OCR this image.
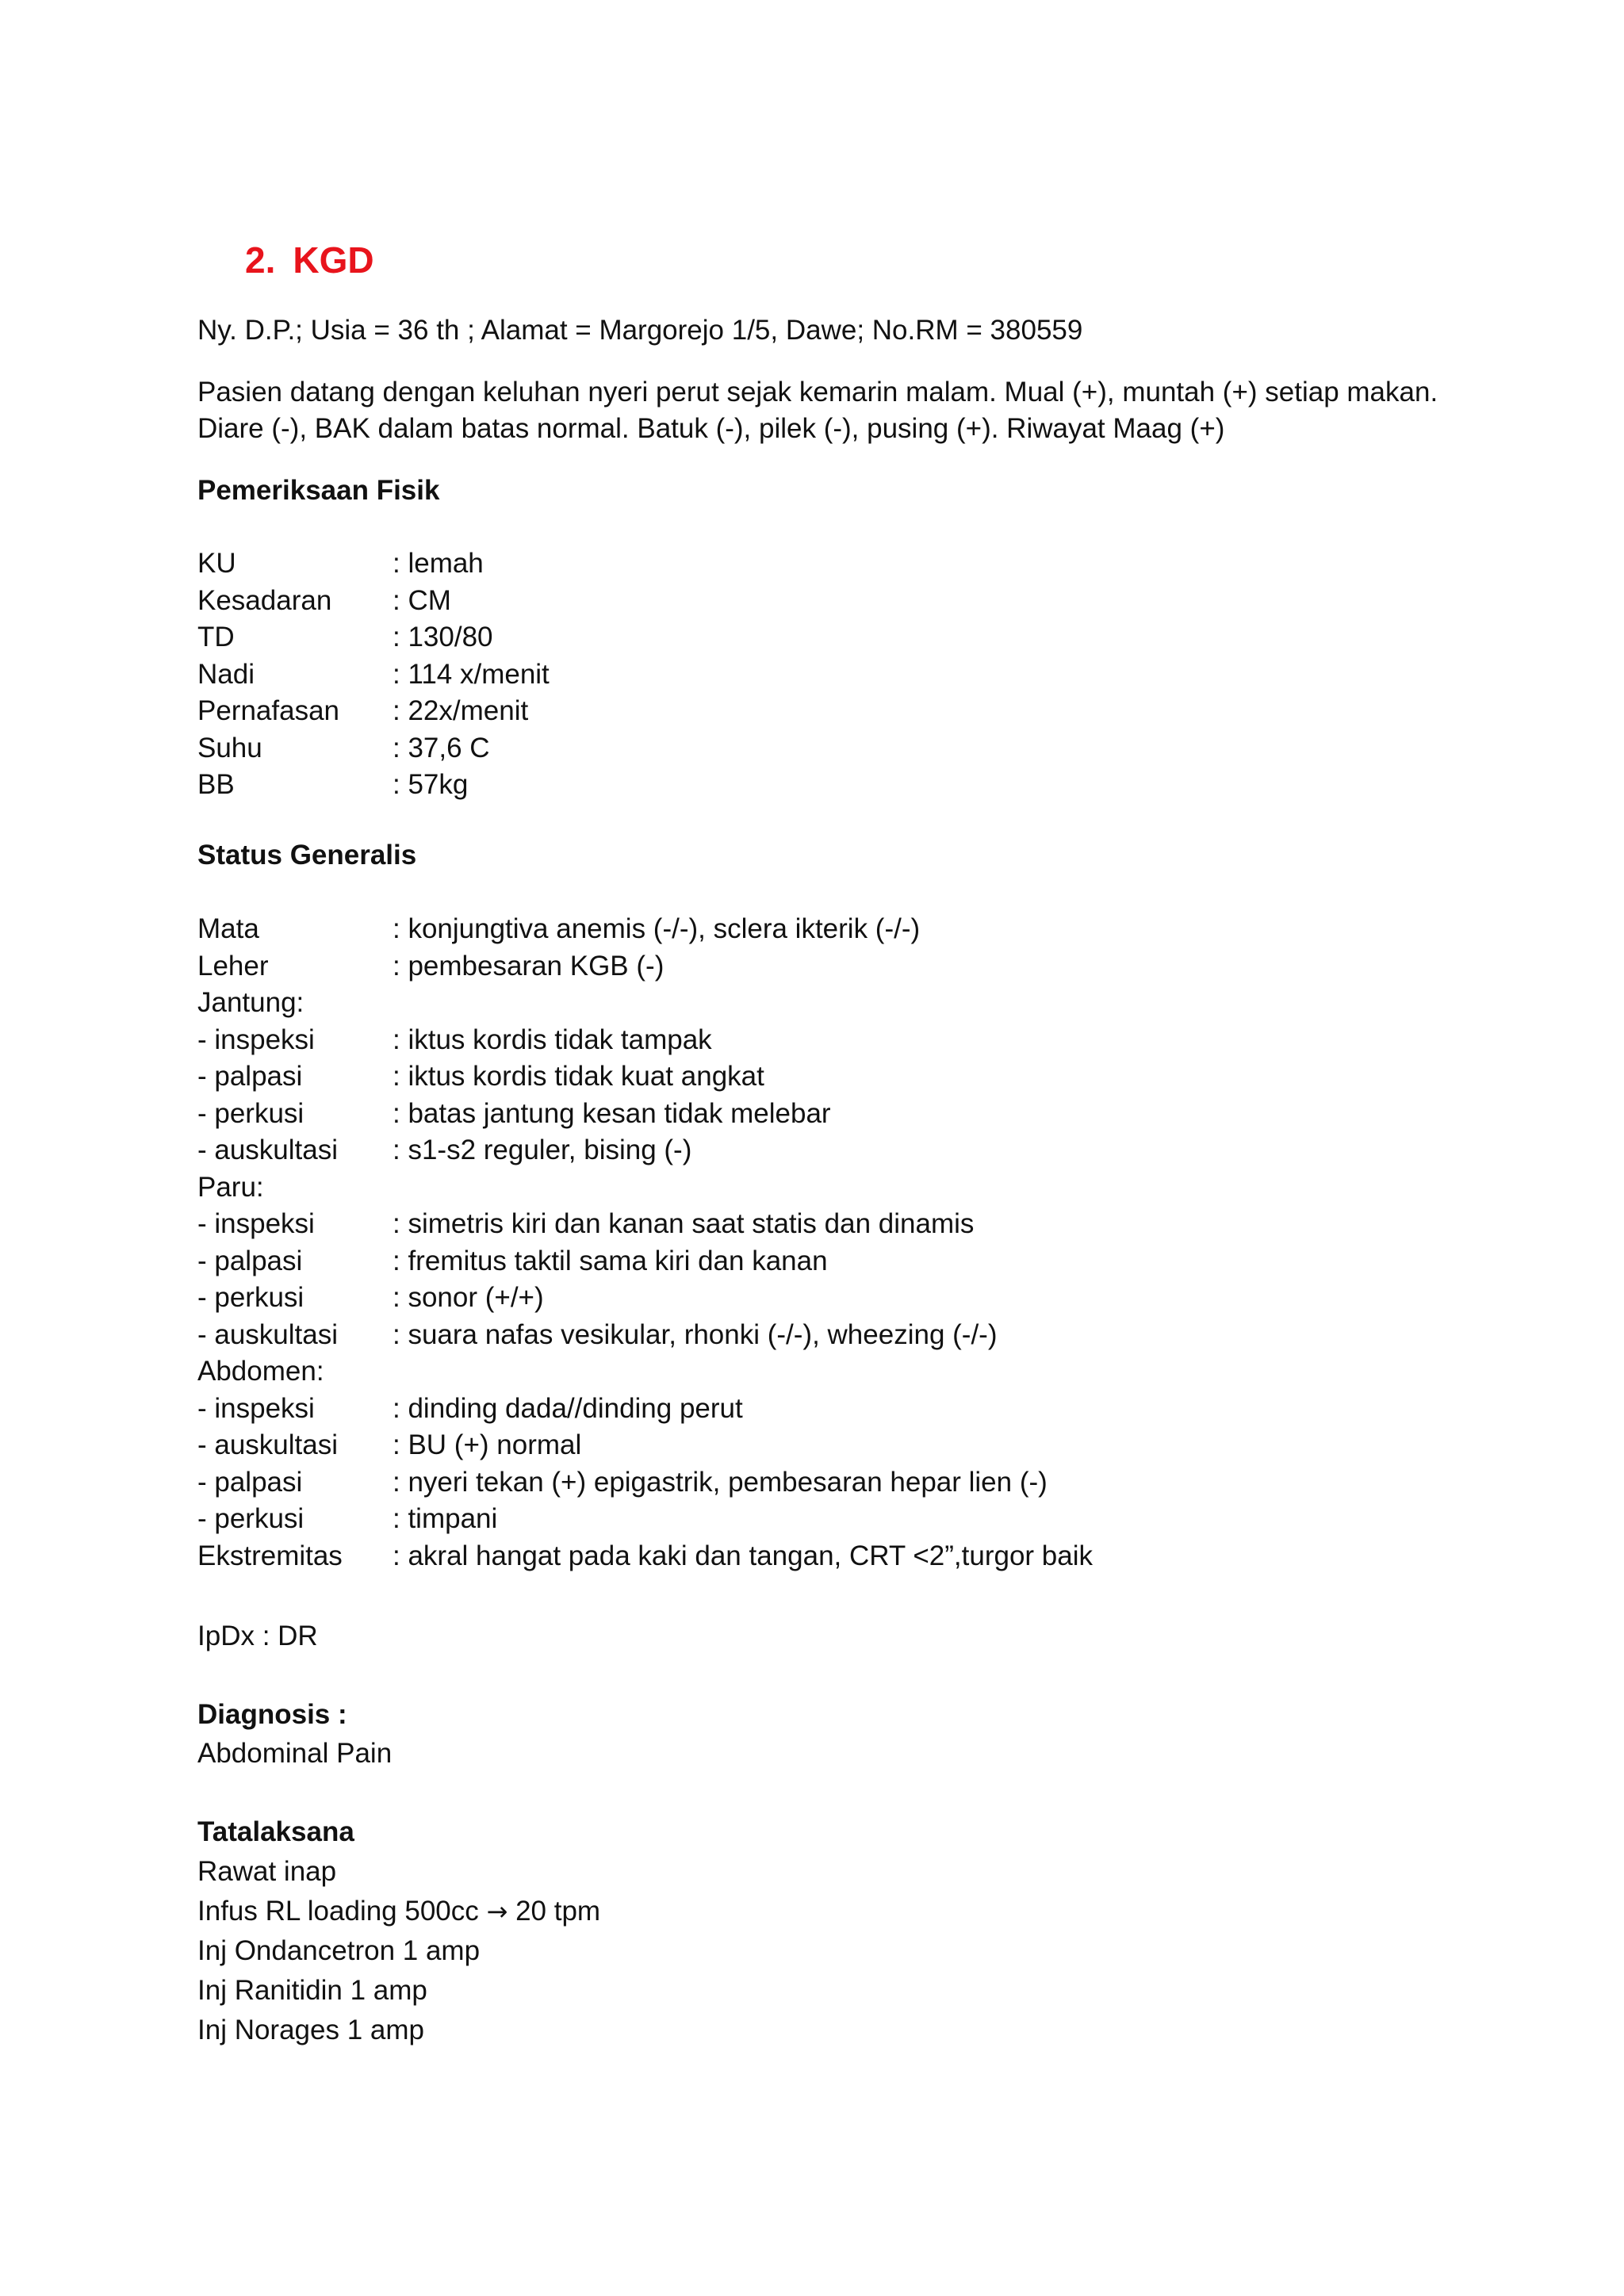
2. KGD
Ny. D.P.; Usia = 36 th ; Alamat = Margorejo 1/5, Dawe; No.RM = 380559
Pasien datang dengan keluhan nyeri perut sejak kemarin malam. Mual (+), muntah (+) setiap makan.
Diare (-), BAK dalam batas normal. Batuk (-), pilek (-), pusing (+). Riwayat Maag (+)
Pemeriksaan Fisik
KU	: lemah
Kesadaran	: CM
TD	: 130/80
Nadi	: 114 x/menit
Pernafasan	: 22x/menit
Suhu	: 37,6 C
BB	: 57kg
Status Generalis
Mata	: konjungtiva anemis (-/-), sclera ikterik (-/-)
Leher	: pembesaran KGB (-)
Jantung:
- inspeksi	: iktus kordis tidak tampak
- palpasi	: iktus kordis tidak kuat angkat
- perkusi	: batas jantung kesan tidak melebar
- auskultasi	: s1-s2 reguler, bising (-)
Paru:
- inspeksi	: simetris kiri dan kanan saat statis dan dinamis
- palpasi	: fremitus taktil sama kiri dan kanan
- perkusi	: sonor (+/+)
- auskultasi	: suara nafas vesikular, rhonki (-/-), wheezing (-/-)
Abdomen:
- inspeksi	: dinding dada//dinding perut
- auskultasi	: BU (+) normal
- palpasi	: nyeri tekan (+) epigastrik, pembesaran hepar lien (-)
- perkusi	: timpani
Ekstremitas	: akral hangat pada kaki dan tangan, CRT <2”,turgor baik
IpDx : DR
Diagnosis :
Abdominal Pain
Tatalaksana
Rawat inap
Infus RL loading 500cc → 20 tpm
Inj Ondancetron 1 amp
Inj Ranitidin 1 amp
Inj Norages 1 amp
